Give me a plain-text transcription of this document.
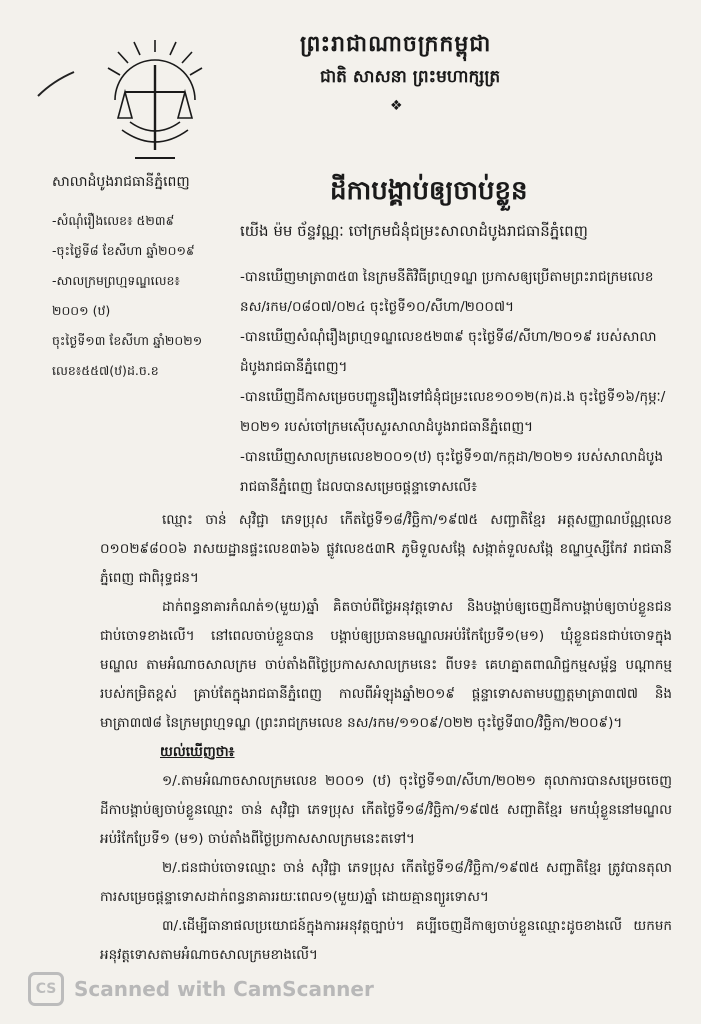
ព្រះរាជាណាចក្រកម្ពុជា
ជាតិ សាសនា ព្រះមហាក្សត្រ
❖
សាលាដំបូងរាជធានីភ្នំពេញ
-សំណុំរឿងលេខ៖ ៥២៣៩
-ចុះថ្ងៃទី៨ ខែសីហា ឆ្នាំ២០១៩
-សាលក្រមព្រហ្មទណ្ឌលេខ៖
២០០១ (ឋ)
ចុះថ្ងៃទី១៣ ខែសីហា ឆ្នាំ២០២១
លេខ៖៥៥៧(ឋ)ដ.ច.ខ
ដីកាបង្គាប់ឲ្យចាប់ខ្លួន
យើង ម៉ម ច័ន្ទវណ្ណៈ ចៅក្រមជំនុំជម្រះសាលាដំបូងរាជធានីភ្នំពេញ

-បានឃើញមាត្រា៣៥៣ នៃក្រមនីតិវិធីព្រហ្មទណ្ឌ ប្រកាសឲ្យប្រើតាមព្រះរាជក្រមលេខ នស/រកម/០៨០៧/០២៤ ចុះថ្ងៃទី១០/សីហា/២០០៧។

-បានឃើញសំណុំរឿងព្រហ្មទណ្ឌលេខ៥២៣៩ ចុះថ្ងៃទី៨/សីហា/២០១៩ របស់សាលាដំបូងរាជធានីភ្នំពេញ។

-បានឃើញដីកាសម្រេចបញ្ជូនរឿងទៅជំនុំជម្រះលេខ១០១២(ក)ដ.ង ចុះថ្ងៃទី១៦/កុម្ភៈ/២០២១ របស់ចៅក្រមស៊ើបសួរសាលាដំបូងរាជធានីភ្នំពេញ។

-បានឃើញសាលក្រមលេខ២០០១(ឋ) ចុះថ្ងៃទី១៣/កក្កដា/២០២១ របស់សាលាដំបូងរាជធានីភ្នំពេញ ដែលបានសម្រេចផ្តន្ទាទោសលើ៖

ឈ្មោះ ចាន់ សុវិជ្ជា ភេទប្រុស កើតថ្ងៃទី១៨/វិច្ឆិកា/១៩៧៥ សញ្ជាតិខ្មែរ អត្តសញ្ញាណប័ណ្ណលេខ ០១០២៩៨០០៦ រាសយដ្ឋានផ្ទះលេខ៣៦៦ ផ្លូវលេខ៥៣R ភូមិទួលសង្កែ សង្កាត់ទួលសង្កែ ខណ្ឌឬស្សីកែវ រាជធានីភ្នំពេញ ជាពិរុទ្ធជន។

ដាក់ពន្ធនាគារកំណត់១(មួយ)ឆ្នាំ គិតចាប់ពីថ្ងៃអនុវត្តទោស និងបង្គាប់ឲ្យចេញដីកាបង្គាប់ឲ្យចាប់ខ្លួនជនជាប់ចោទខាងលើ។ នៅពេលចាប់ខ្លួនបាន បង្គាប់ឲ្យប្រធានមណ្ឌលអប់រំកែប្រែទី១(ម១) ឃុំខ្លួនជនជាប់ចោទក្នុងមណ្ឌល តាមអំណាចសាលក្រម ចាប់តាំងពីថ្ងៃប្រកាសសាលក្រមនេះ ពីបទ៖ គេហគ្នាតពាណិជ្ជកម្មសម្ព័ន្ធ បណ្តាកម្មរបស់កម្រិតខ្ពស់ គ្រាប់តែក្នុងរាជធានីភ្នំពេញ កាលពីអំឡុងឆ្នាំ២០១៩ ផ្តន្ទាទោសតាមបញ្ញត្តមាត្រា៣៧៧ និងមាត្រា៣៧៨ នៃក្រមព្រហ្មទណ្ឌ (ព្រះរាជក្រមលេខ នស/រកម/១១០៩/០២២ ចុះថ្ងៃទី៣០/វិច្ឆិកា/២០០៩)។

យល់ឃើញថា៖

១/.តាមអំណាចសាលក្រមលេខ ២០០១ (ឋ) ចុះថ្ងៃទី១៣/សីហា/២០២១ តុលាការបានសម្រេចចេញដីកាបង្គាប់ឲ្យចាប់ខ្លួនឈ្មោះ ចាន់ សុវិជ្ជា ភេទប្រុស កើតថ្ងៃទី១៨/វិច្ឆិកា/១៩៧៥ សញ្ជាតិខ្មែរ មកឃុំខ្លួននៅមណ្ឌលអប់រំកែប្រែទី១ (ម១) ចាប់តាំងពីថ្ងៃប្រកាសសាលក្រមនេះតទៅ។

២/.ជនជាប់ចោទឈ្មោះ ចាន់ សុវិជ្ជា ភេទប្រុស កើតថ្ងៃទី១៨/វិច្ឆិកា/១៩៧៥ សញ្ជាតិខ្មែរ ត្រូវបានតុលាការសម្រេចផ្តន្ទាទោសដាក់ពន្ធនាគាររយៈពេល១(មួយ)ឆ្នាំ ដោយគ្មានព្យួរទោស។

៣/.ដើម្បីធានាផលប្រយោជន៍ក្នុងការអនុវត្តច្បាប់។ គប្បីចេញដីកាឲ្យចាប់ខ្លួនឈ្មោះដូចខាងលើ យកមកអនុវត្តទោសតាមអំណាចសាលក្រមខាងលើ។

CS Scanned with CamScanner
